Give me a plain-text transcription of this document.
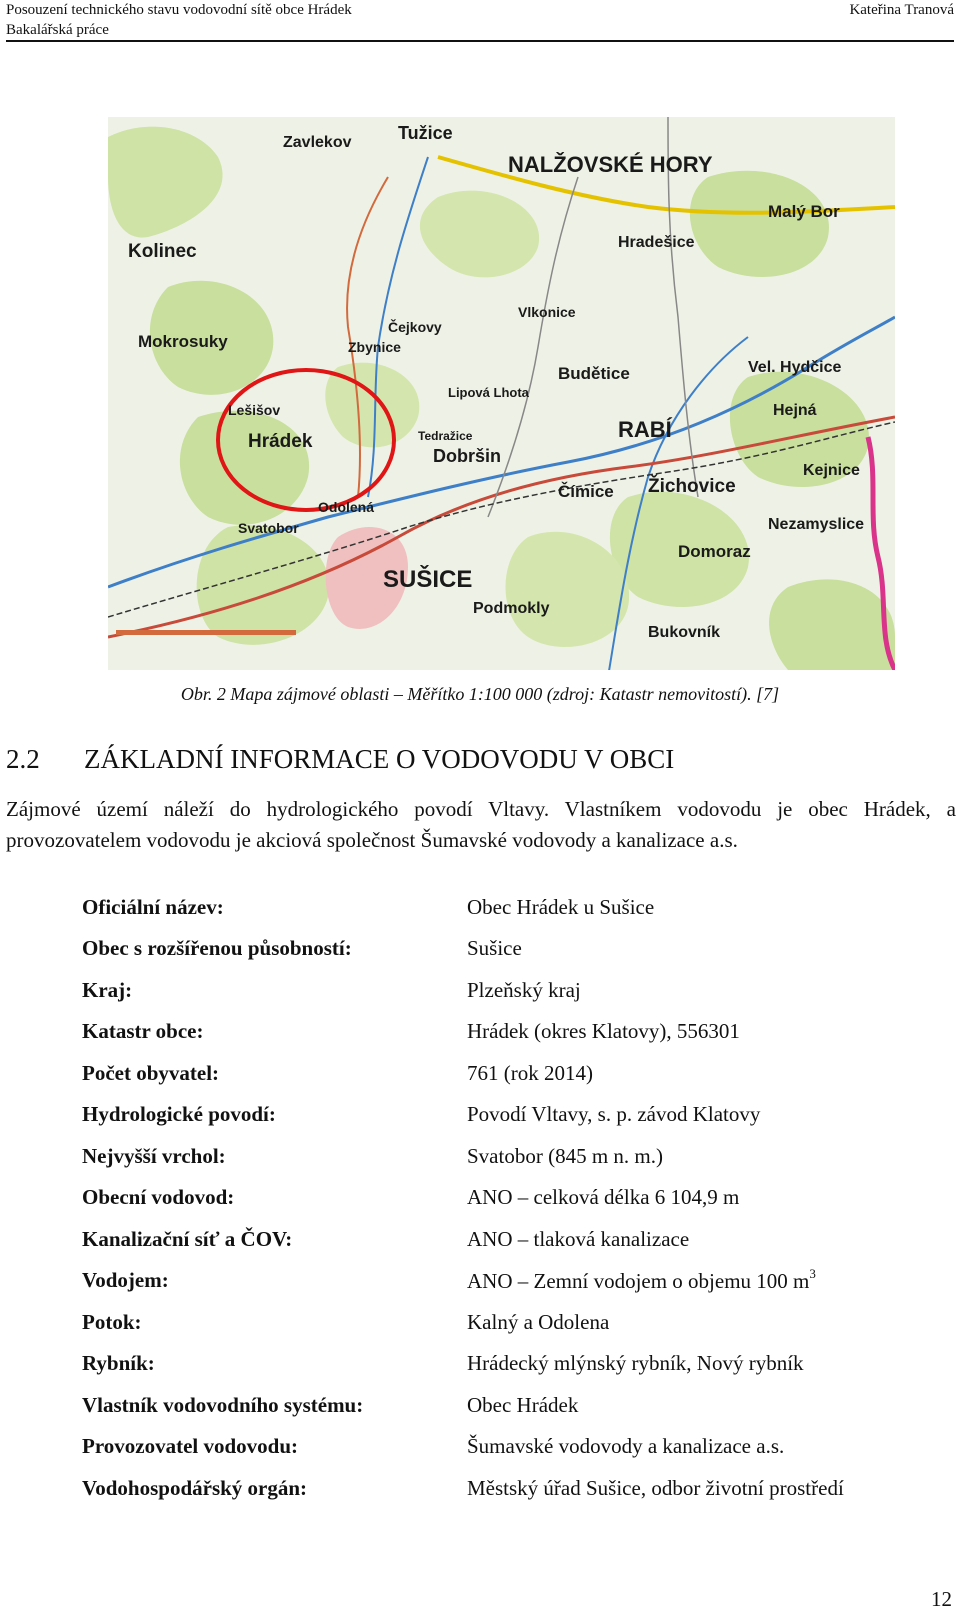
Posouzení technického stavu vodovodní sítě obce Hrádek
Bakalářská práce
Kateřina Tranová
Tužice
NALŽOVSKÉ HORY
Zavlekov
Kolinec
Mokrosuky
Hrádek
Lešišov
Odolená
Svatobor
SUŠICE
Dobršin
RABÍ
Budětice
Čímice Žichovice
Domoraz
Hejná
Malý Bor
Podmokly
Bukovník
Vlkonice
Čejkovy
Zbynice
Vel. Hydčice
Kejnice
Nezamyslice
Hradešice
Lipová Lhota
Tedražice
Obr. 2 Mapa zájmové oblasti – Měřítko 1:100 000 (zdroj: Katastr nemovitostí). [7]
2.2 ZÁKLADNÍ INFORMACE O VODOVODU V OBCI
Zájmové území náleží do hydrologického povodí Vltavy. Vlastníkem vodovodu je obec Hrádek, a provozovatelem vodovodu je akciová společnost Šumavské vodovody a kanalizace a.s.
Oficiální název:	Obec Hrádek u Sušice
Obec s rozšířenou působností:	Sušice
Kraj:	Plzeňský kraj
Katastr obce:	Hrádek (okres Klatovy), 556301
Počet obyvatel:	761 (rok 2014)
Hydrologické povodí:	Povodí Vltavy, s. p. závod Klatovy
Nejvyšší vrchol:	Svatobor (845 m n. m.)
Obecní vodovod:	ANO – celková délka 6 104,9 m
Kanalizační síť a ČOV:	ANO – tlaková kanalizace
Vodojem:	ANO – Zemní vodojem o objemu 100 $m^3$
Potok:	Kalný a Odolena
Rybník:	Hrádecký mlýnský rybník, Nový rybník
Vlastník vodovodního systému:	Obec Hrádek
Provozovatel vodovodu:	Šumavské vodovody a kanalizace a.s.
Vodohospodářský orgán:	Městský úřad Sušice, odbor životní prostředí
12
